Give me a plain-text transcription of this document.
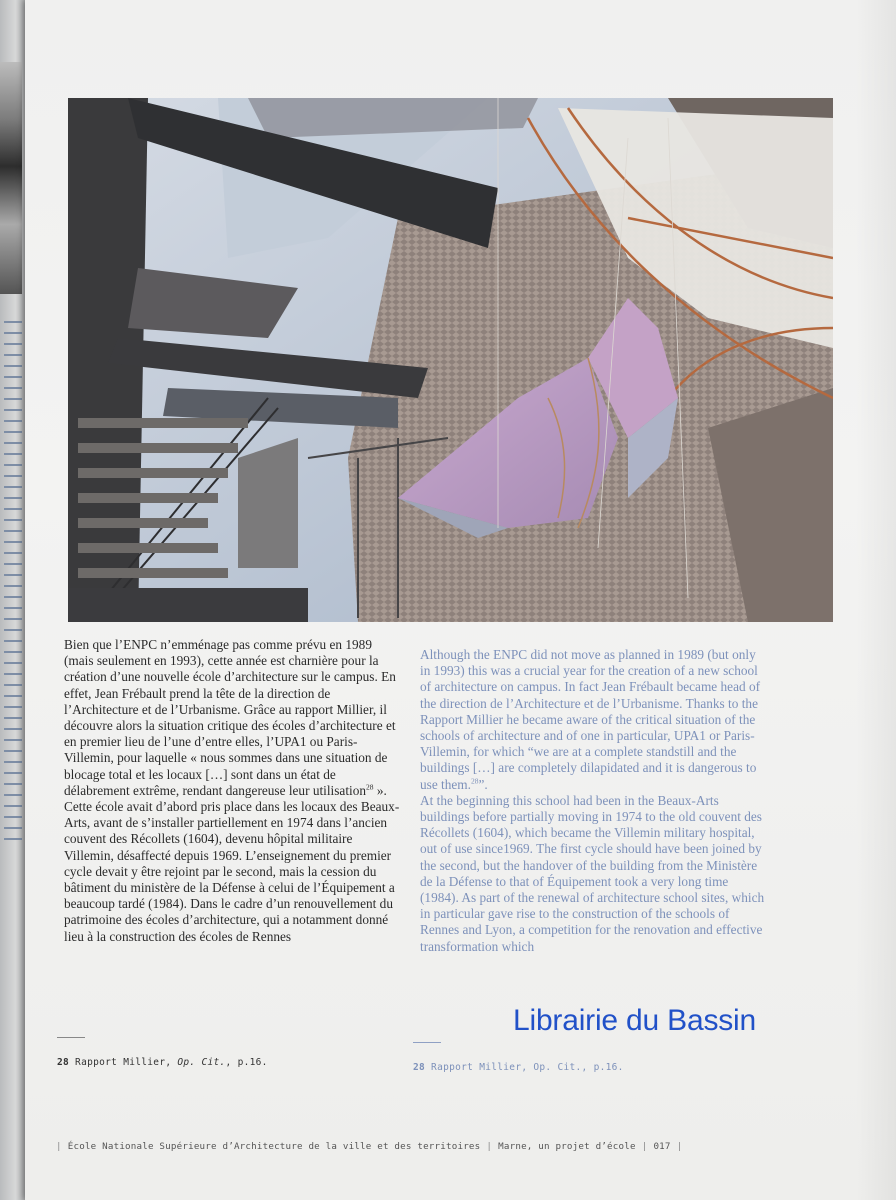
Bien que l’ENPC n’emménage pas comme prévu en 1989 (mais seulement en 1993), cette année est charnière pour la création d’une nouvelle école d’architecture sur le campus. En effet, Jean Frébault prend la tête de la direction de l’Architecture et de l’Urbanisme. Grâce au rapport Millier, il découvre alors la situation critique des écoles d’architecture et en premier lieu de l’une d’entre elles, l’UPA1 ou Paris-Villemin, pour laquelle « nous sommes dans une situation de blocage total et les locaux […] sont dans un état de délabrement extrême, rendant dangereuse leur utilisation$^{28}$ ».

Cette école avait d’abord pris place dans les locaux des Beaux-Arts, avant de s’installer partiellement en 1974 dans l’ancien couvent des Récollets (1604), devenu hôpital militaire Villemin, désaffecté depuis 1969. L’enseignement du premier cycle devait y être rejoint par le second, mais la cession du bâtiment du ministère de la Défense à celui de l’Équipement a beaucoup tardé (1984). Dans le cadre d’un renouvellement du patrimoine des écoles d’architecture, qui a notamment donné lieu à la construction des écoles de Rennes

Although the ENPC did not move as planned in 1989 (but only in 1993) this was a crucial year for the creation of a new school of architecture on campus. In fact Jean Frébault became head of the direction de l’Architecture et de l’Urbanisme. Thanks to the Rapport Millier he became aware of the critical situation of the schools of architecture and of one in particular, UPA1 or Paris-Villemin, for which “we are at a complete standstill and the buildings […] are completely dilapidated and it is dangerous to use them.$^{28}$”.

At the beginning this school had been in the Beaux-Arts buildings before partially moving in 1974 to the old couvent des Récollets (1604), which became the Villemin military hospital, out of use since1969. The first cycle should have been joined by the second, but the handover of the building from the Ministère de la Défense to that of Équipement took a very long time (1984). As part of the renewal of architecture school sites, which in particular gave rise to the construction of the schools of Rennes and Lyon, a competition for the renovation and effective transformation which

Librairie du Bassin
28 Rapport Millier, Op. Cit., p.16.	28 Rapport Millier, Op. Cit., p.16.
| École Nationale Supérieure d’Architecture de la ville et des territoires | Marne, un projet d’école | 017 |
